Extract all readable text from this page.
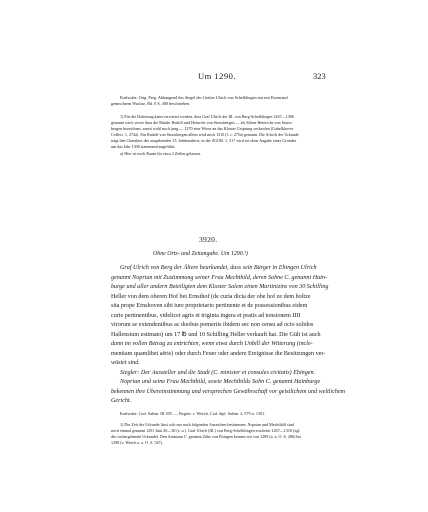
Um 1290.	323

Karlsruhe. Orig. Perg. Abhangend das Siegel des Grafen Ulrich von Schelklingen aus mit Eisenrand

gemischtem Wachse, Bd. 6 S. 400 beschrieben.

1) Für die Datierung kann verwertet werden, dass Graf Ulrich der III. von Berg-Schelklingen 1267—1306

genannt wird, sowie dass die Brüder Rudolf und Heinrich von Strassbergen — als Söhne Heinrichs von Strass-

bergen bezeichnet, somit wohl noch jung — 1270 eine Wiese an das Kloster Ursprung verkaufen (Gabelkhover

Collect. 1, 274a). Ein Rudolf von Strassbergen allein wird noch 1310 (l. c. 275a) genannt. Die Schrift der Urkunde

trägt den Charakter des ausgehenden 13. Jahrhunderts, in der ZGOR. 1, 317 wird sie ohne Angabe eines Grundes

um das Jahr 1300 stammend angeführt.

a) Hier ist noch Raum für etwa 2 Zeilen gelassen.

3920.
Ohne Orts- und Zeitangabe. Um 1290.¹)

Graf Ulrich von Berg der Ältere beurkundet, dass sein Bürger in Ehingen Ulrich

genannt Noprian mit Zustimmung seiner Frau Mechthild, deren Sohne C. genannt Hain-

burge und aller andern Beteiligten dem Kloster Salem einen Martinizins von 30 Schilling

Heller von dem oberen Hof bei Ernsthof (de curia dicta der obe hof ze dem holtze

sita prope Ernshoven sibi iure proprietario pertinente et de possessionibus eidem

curie pertinentibus, videlicet agris et triginta ingera et pratis ad tonsionem IIII

virorum se extendentibus ac duobus pomeriis ibidem sec non censu ad octo solidos

Hallensium estimato) um 17 ℔ und 10 Schilling Heller verkauft hat. Die Gült ist auch

dann im vollen Betrag zu entrichten, wenn etwa durch Unbill der Witterung (incle-

mentiam quamlibet aëris) oder durch Feuer oder andere Ereignisse die Besitzungen ver-

wüstet sind.

Siegler: Der Aussteller und die Stadt (C. minister et consules civitatis) Ehingen.

Noprian und seine Frau Mechthild, sowie Mechthilds Sohn C. genannt Hainburge

bekennen ihre Übereinstimmung und versprechen Gewährschaft vor geistlichem und weltlichem

Gericht.

Karlsruhe. Cod. Salem. III 395. — Regest: v. Weech, Cod. dipl. Salem. 2, 579 n. 1301.

1) Die Zeit der Urkunde lässt sich nur nach folgenden Anzeichen bestimmen: Noprian und Mechthild sind

noch einmal genannt 1291 Juni 20—30 (s. u.). Graf Ulrich (III.) von Berg-Schelklingen erscheint 1267—1310 (vgl.

die vorhergehende Urkunde). Den Ammann C. genannt Zähe von Ehingen kennen wir von 1289 (a. a. O. S. 286) bis

1298 (v. Weech a. a. O. S. 547).
